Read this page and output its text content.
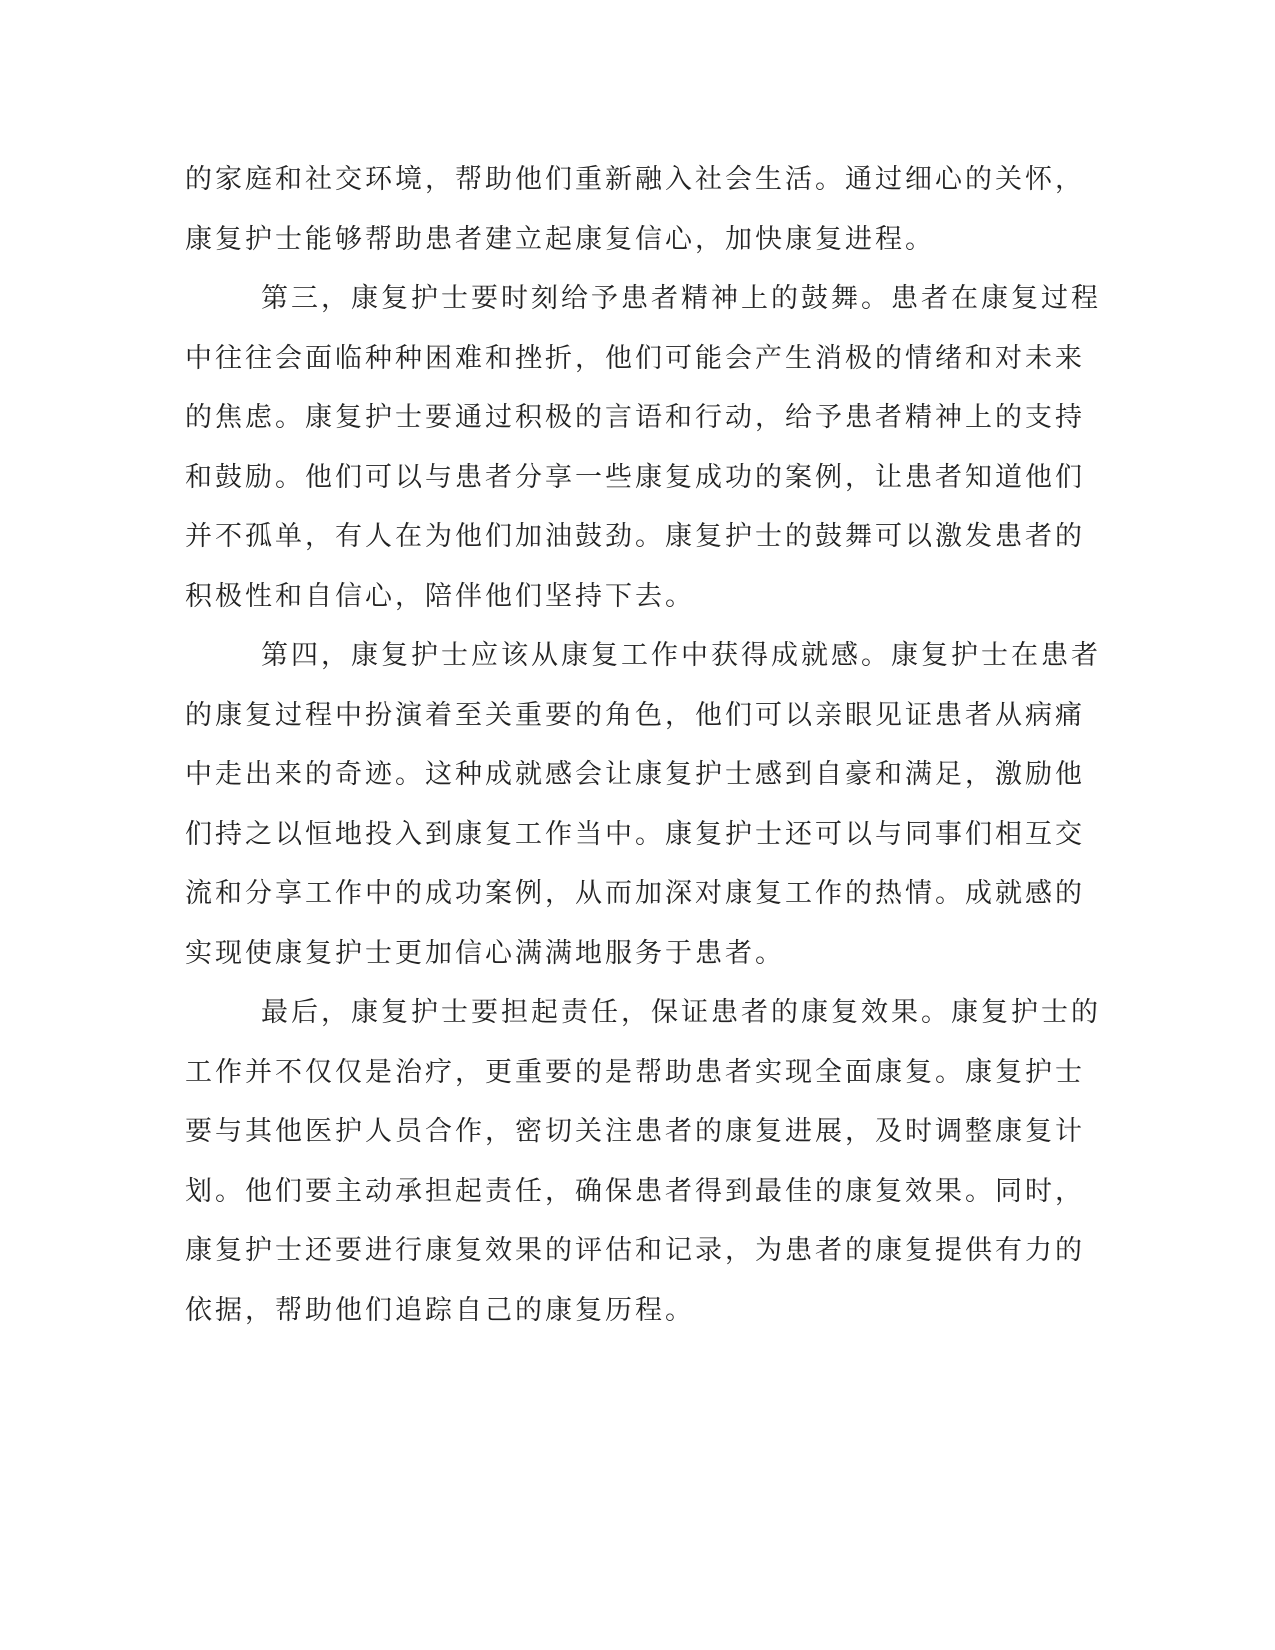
的家庭和社交环境，帮助他们重新融入社会生活。通过细心的关怀，
康复护士能够帮助患者建立起康复信心，加快康复进程。
第三，康复护士要时刻给予患者精神上的鼓舞。患者在康复过程
中往往会面临种种困难和挫折，他们可能会产生消极的情绪和对未来
的焦虑。康复护士要通过积极的言语和行动，给予患者精神上的支持
和鼓励。他们可以与患者分享一些康复成功的案例，让患者知道他们
并不孤单，有人在为他们加油鼓劲。康复护士的鼓舞可以激发患者的
积极性和自信心，陪伴他们坚持下去。
第四，康复护士应该从康复工作中获得成就感。康复护士在患者
的康复过程中扮演着至关重要的角色，他们可以亲眼见证患者从病痛
中走出来的奇迹。这种成就感会让康复护士感到自豪和满足，激励他
们持之以恒地投入到康复工作当中。康复护士还可以与同事们相互交
流和分享工作中的成功案例，从而加深对康复工作的热情。成就感的
实现使康复护士更加信心满满地服务于患者。
最后，康复护士要担起责任，保证患者的康复效果。康复护士的
工作并不仅仅是治疗，更重要的是帮助患者实现全面康复。康复护士
要与其他医护人员合作，密切关注患者的康复进展，及时调整康复计
划。他们要主动承担起责任，确保患者得到最佳的康复效果。同时，
康复护士还要进行康复效果的评估和记录，为患者的康复提供有力的
依据，帮助他们追踪自己的康复历程。
